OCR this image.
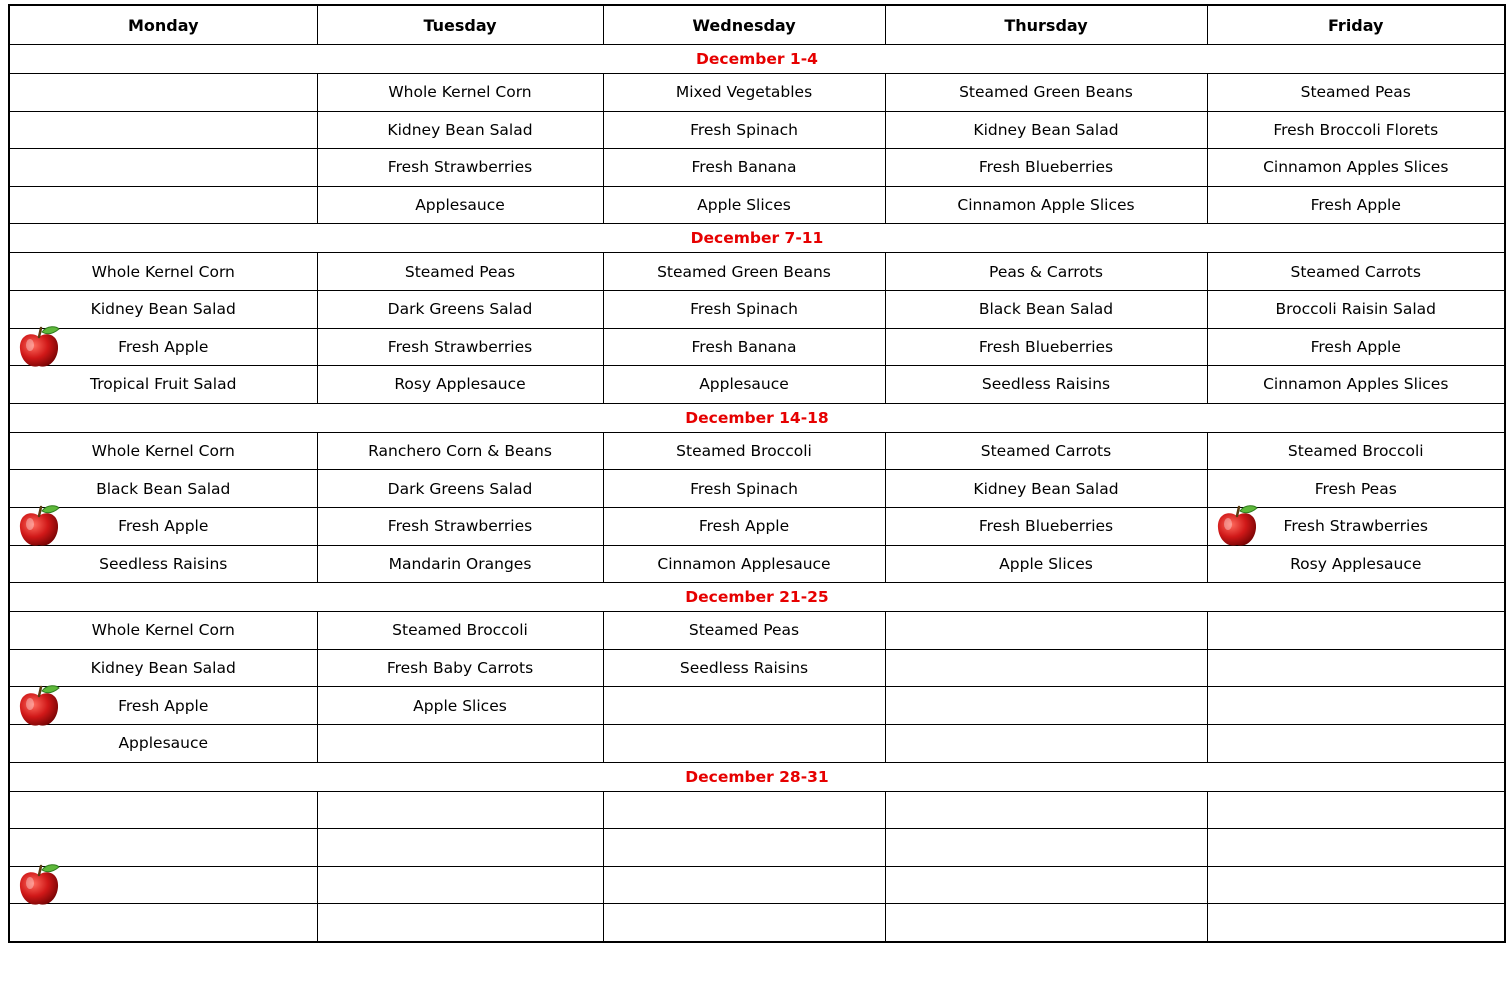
Monday	Tuesday	Wednesday	Thursday	Friday
December 1-4				
	Whole Kernel Corn	Mixed Vegetables	Steamed Green Beans	Steamed Peas
	Kidney Bean Salad	Fresh Spinach	Kidney Bean Salad	Fresh Broccoli Florets
	Fresh Strawberries	Fresh Banana	Fresh Blueberries	Cinnamon Apples Slices
	Applesauce	Apple Slices	Cinnamon Apple Slices	Fresh Apple
December 7-11				
Whole Kernel Corn	Steamed Peas	Steamed Green Beans	Peas & Carrots	Steamed Carrots
Kidney Bean Salad	Dark Greens Salad	Fresh Spinach	Black Bean Salad	Broccoli Raisin Salad
Fresh Apple	Fresh Strawberries	Fresh Banana	Fresh Blueberries	Fresh Apple
Tropical Fruit Salad	Rosy Applesauce	Applesauce	Seedless Raisins	Cinnamon Apples Slices
December 14-18				
Whole Kernel Corn	Ranchero Corn & Beans	Steamed Broccoli	Steamed Carrots	Steamed Broccoli
Black Bean Salad	Dark Greens Salad	Fresh Spinach	Kidney Bean Salad	Fresh Peas
Fresh Apple	Fresh Strawberries	Fresh Apple	Fresh Blueberries	Fresh Strawberries
Seedless Raisins	Mandarin Oranges	Cinnamon Applesauce	Apple Slices	Rosy Applesauce
December 21-25				
Whole Kernel Corn	Steamed Broccoli	Steamed Peas		
Kidney Bean Salad	Fresh Baby Carrots	Seedless Raisins		
Fresh Apple	Apple Slices			
Applesauce				
December 28-31				
